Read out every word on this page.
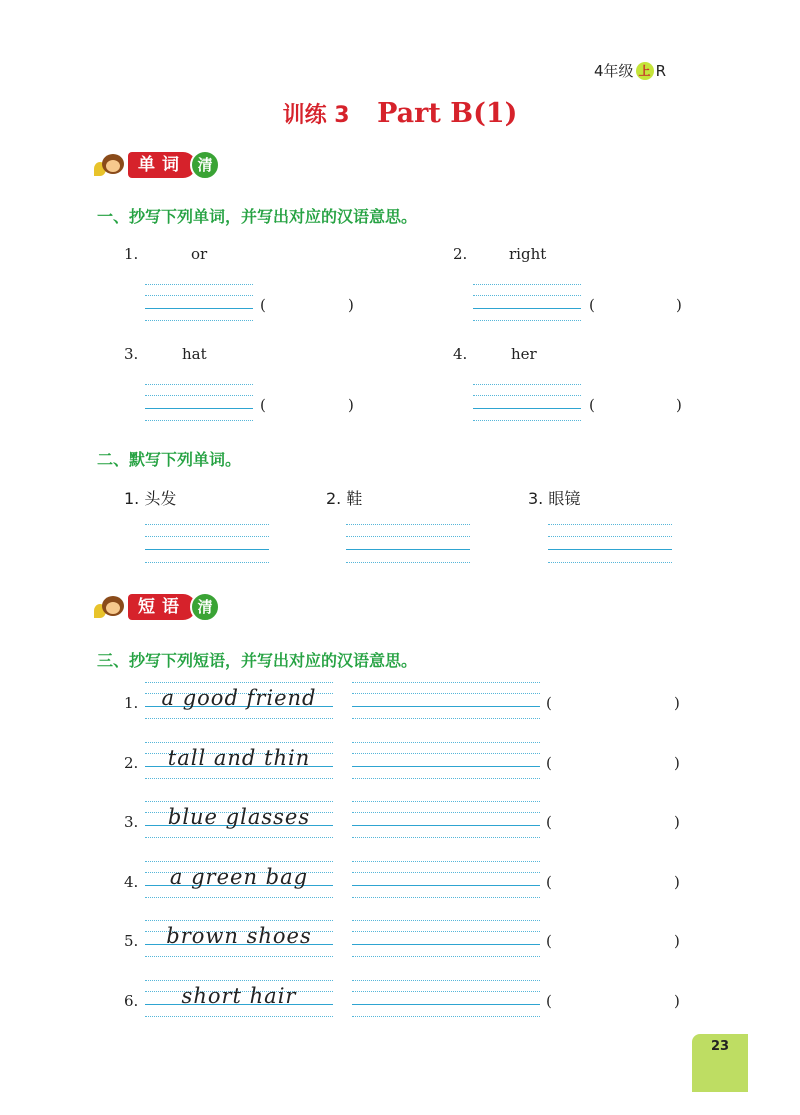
4年级 上 R
训练 3 Part B(1)
单词 清
一、抄写下列单词，并写出对应的汉语意思。
1.	or
(	)
2.	right
(	)
3.	hat
(	)
4.	her
(	)
二、默写下列单词。
1. 头发	2. 鞋	3. 眼镜
短语 清
三、抄写下列短语，并写出对应的汉语意思。
1.	a good friend	(	)
2.	tall and thin	(	)
3.	blue glasses	(	)
4.	a green bag	(	)
5.	brown shoes	(	)
6.	short hair	(	)
23
